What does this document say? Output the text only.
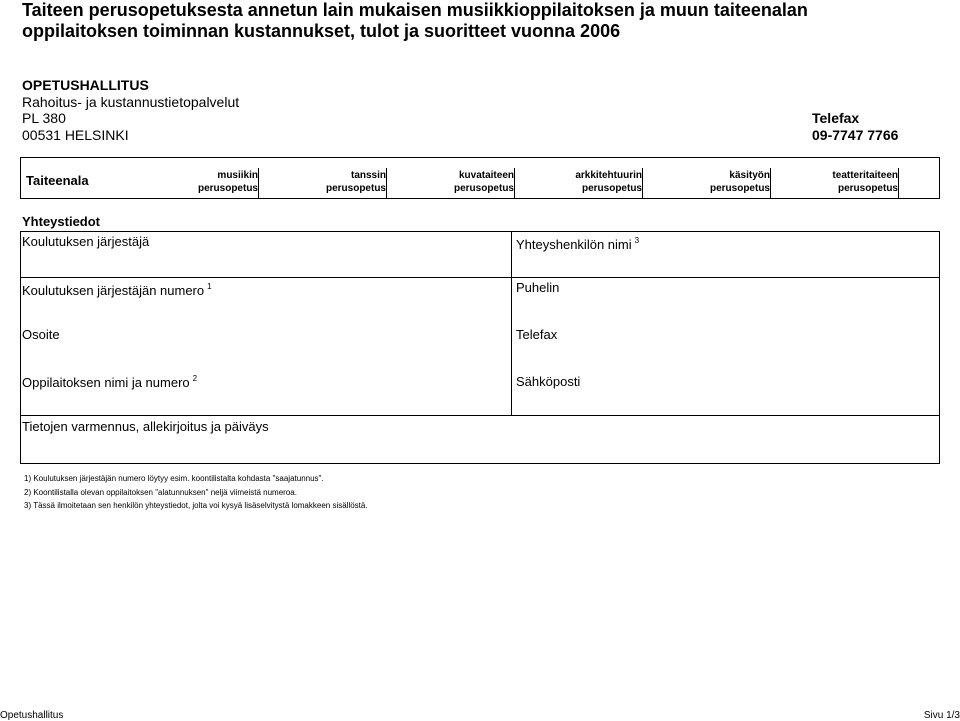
Taiteen perusopetuksesta annetun lain mukaisen musiikkioppilaitoksen ja muun taiteenalan
oppilaitoksen toiminnan kustannukset, tulot ja suoritteet vuonna 2006
OPETUSHALLITUS
Rahoitus- ja kustannustietopalvelut
PL 380
00531 HELSINKI
Telefax
09-7747 7766
Taiteenala	musiikin
perusopetus
tanssin
perusopetus
kuvataiteen
perusopetus
arkkitehtuurin
perusopetus
käsityön
perusopetus
teatteritaiteen
perusopetus
Yhteystiedot
Koulutuksen järjestäjä
Koulutuksen järjestäjän numero $^1$
Osoite
Oppilaitoksen nimi ja numero $^2$
Yhteyshenkilön nimi $^3$
Puhelin
Telefax
Sähköposti
Tietojen varmennus, allekirjoitus ja päiväys
1) Koulutuksen järjestäjän numero löytyy esim. koontilistalta kohdasta "saajatunnus".
2) Koontilistalla olevan oppilaitoksen "alatunnuksen" neljä viimeistä numeroa.
3) Tässä ilmoitetaan sen henkilön yhteystiedot, jolta voi kysyä lisäselvitystä lomakkeen sisällöstä.
Opetushallitus	Sivu 1/3
